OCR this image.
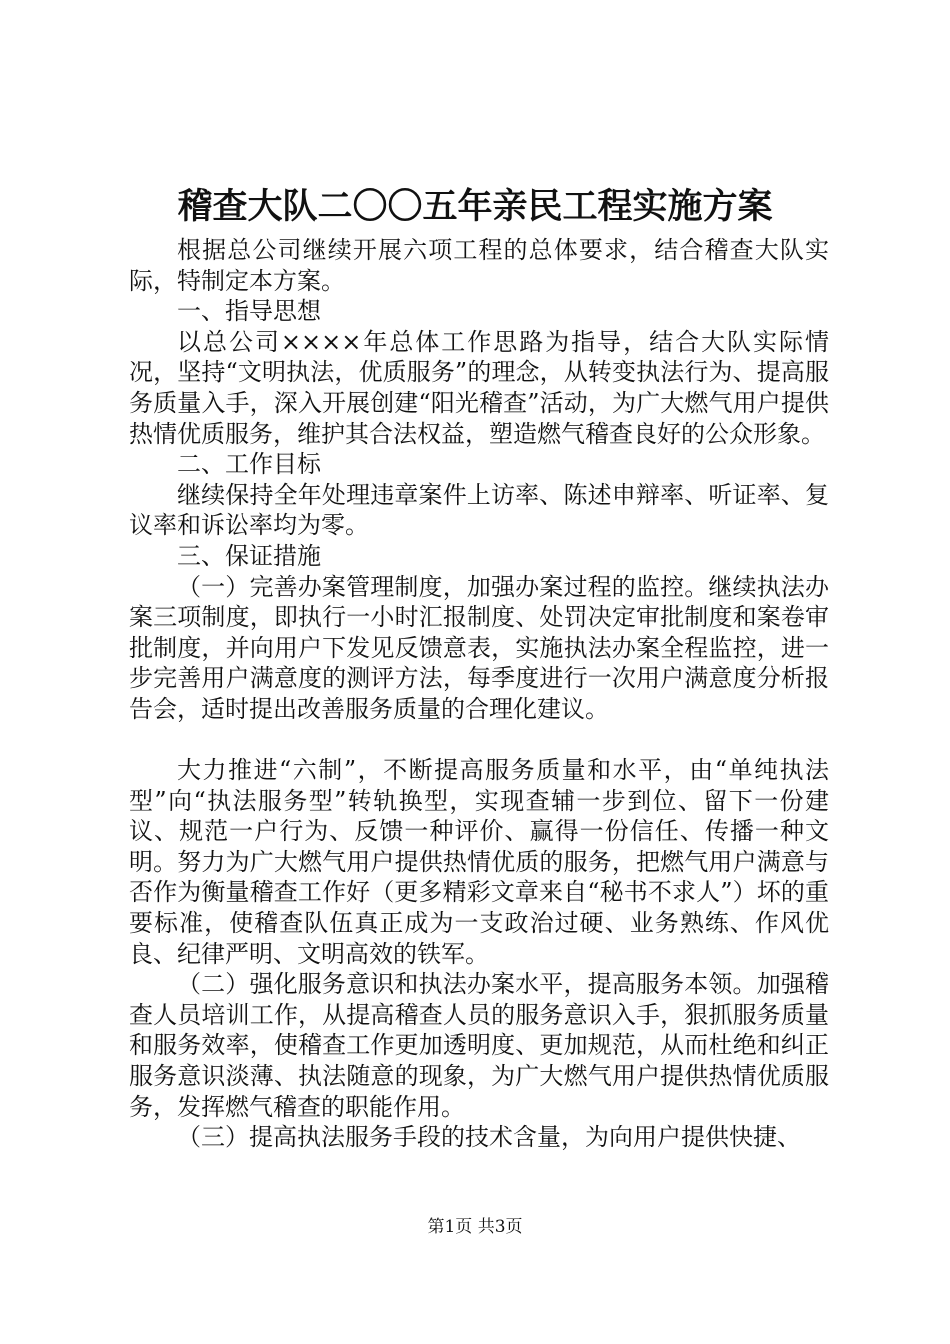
稽查大队二〇〇五年亲民工程实施方案

根据总公司继续开展六项工程的总体要求，结合稽查大队实际，特制定本方案。

一、指导思想

以总公司××××年总体工作思路为指导，结合大队实际情况，坚持“文明执法，优质服务”的理念，从转变执法行为、提高服务质量入手，深入开展创建“阳光稽查”活动，为广大燃气用户提供热情优质服务，维护其合法权益，塑造燃气稽查良好的公众形象。

二、工作目标

继续保持全年处理违章案件上访率、陈述申辩率、听证率、复议率和诉讼率均为零。

三、保证措施

（一）完善办案管理制度，加强办案过程的监控。继续执法办案三项制度，即执行一小时汇报制度、处罚决定审批制度和案卷审批制度，并向用户下发见反馈意表，实施执法办案全程监控，进一步完善用户满意度的测评方法，每季度进行一次用户满意度分析报告会，适时提出改善服务质量的合理化建议。

大力推进“六制”，不断提高服务质量和水平，由“单纯执法型”向“执法服务型”转轨换型，实现查辅一步到位、留下一份建议、规范一户行为、反馈一种评价、赢得一份信任、传播一种文明。努力为广大燃气用户提供热情优质的服务，把燃气用户满意与否作为衡量稽查工作好（更多精彩文章来自“秘书不求人”）坏的重要标准，使稽查队伍真正成为一支政治过硬、业务熟练、作风优良、纪律严明、文明高效的铁军。

（二）强化服务意识和执法办案水平，提高服务本领。加强稽查人员培训工作，从提高稽查人员的服务意识入手，狠抓服务质量和服务效率，使稽查工作更加透明度、更加规范，从而杜绝和纠正服务意识淡薄、执法随意的现象，为广大燃气用户提供热情优质服务，发挥燃气稽查的职能作用。

（三）提高执法服务手段的技术含量，为向用户提供快捷、

第1页 共3页
